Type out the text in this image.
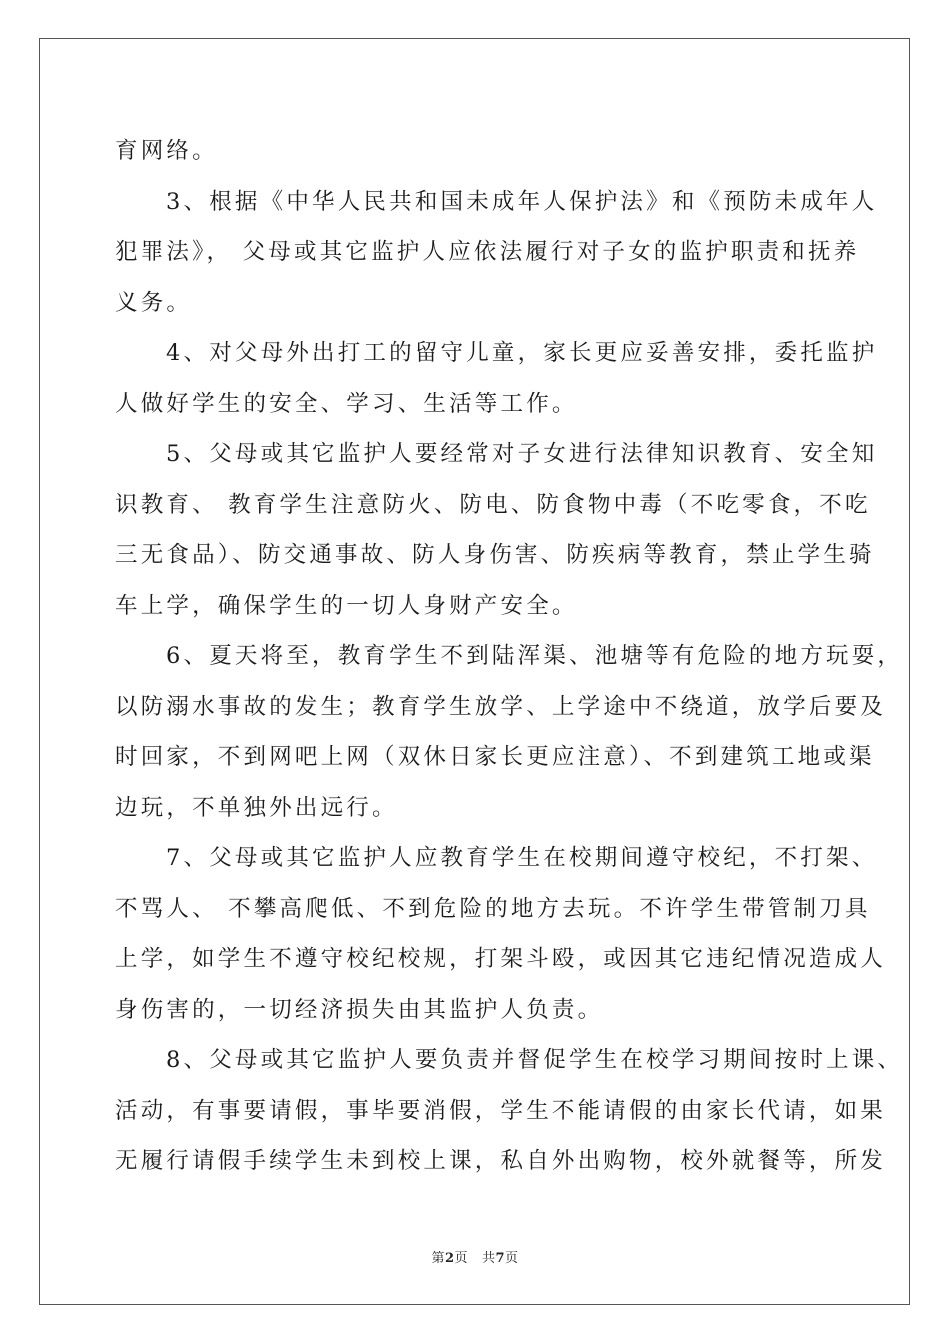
育网络。
3、根据《中华人民共和国未成年人保护法》和《预防未成年人
犯罪法》， 父母或其它监护人应依法履行对子女的监护职责和抚养
义务。
4、对父母外出打工的留守儿童，家长更应妥善安排，委托监护
人做好学生的安全、学习、生活等工作。
5、父母或其它监护人要经常对子女进行法律知识教育、安全知
识教育、 教育学生注意防火、防电、防食物中毒（不吃零食，不吃
三无食品）、防交通事故、防人身伤害、防疾病等教育，禁止学生骑
车上学，确保学生的一切人身财产安全。
6、夏天将至，教育学生不到陆浑渠、池塘等有危险的地方玩耍，
以防溺水事故的发生；教育学生放学、上学途中不绕道，放学后要及
时回家，不到网吧上网（双休日家长更应注意）、不到建筑工地或渠
边玩，不单独外出远行。
7、父母或其它监护人应教育学生在校期间遵守校纪，不打架、
不骂人、 不攀高爬低、不到危险的地方去玩。不许学生带管制刀具
上学，如学生不遵守校纪校规，打架斗殴，或因其它违纪情况造成人
身伤害的，一切经济损失由其监护人负责。
8、父母或其它监护人要负责并督促学生在校学习期间按时上课、
活动，有事要请假，事毕要消假，学生不能请假的由家长代请，如果
无履行请假手续学生未到校上课，私自外出购物，校外就餐等，所发
第2页 共7页
